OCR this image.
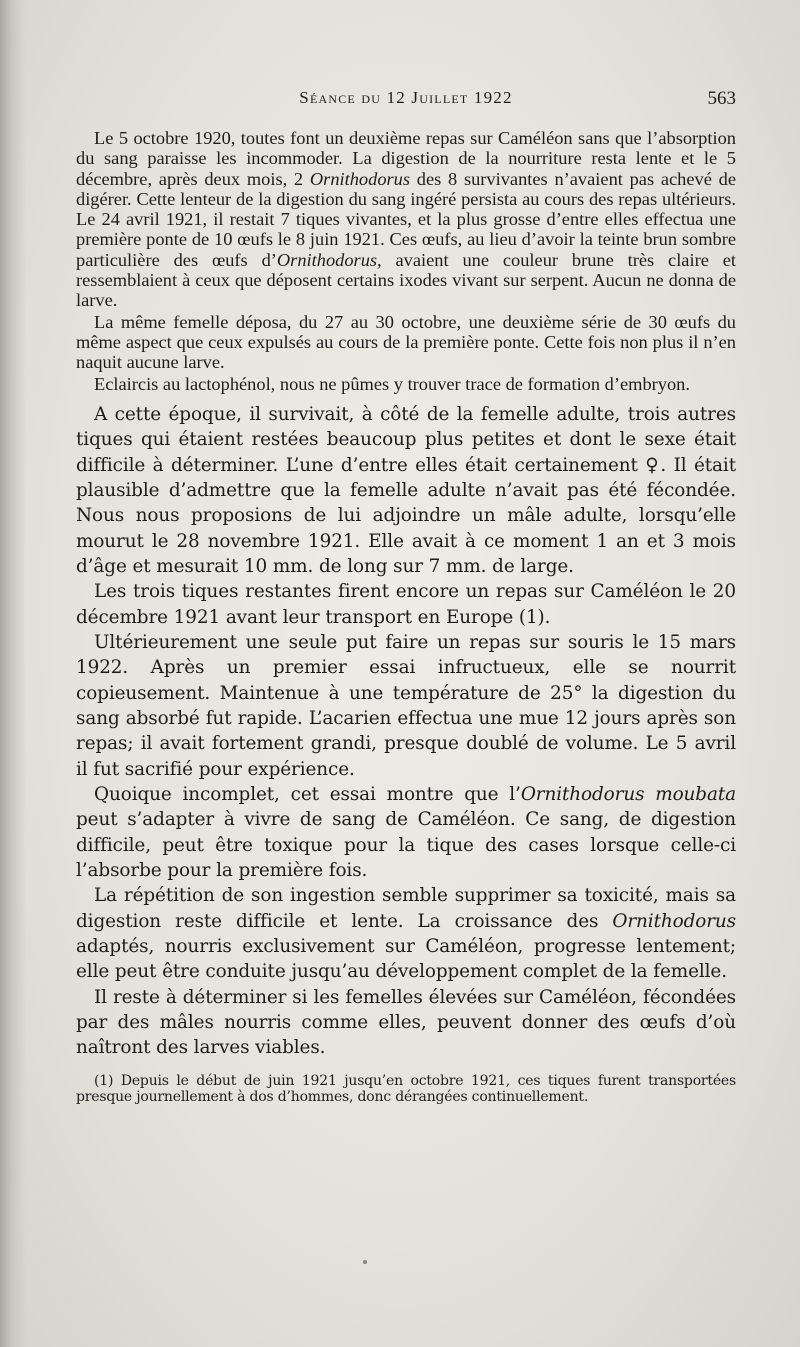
Séance du 12 Juillet 1922	563

Le 5 octobre 1920, toutes font un deuxième repas sur Caméléon sans que l’absorption du sang paraisse les incommoder. La digestion de la nourriture resta lente et le 5 décembre, après deux mois, 2 Ornithodorus des 8 survivantes n’avaient pas achevé de digérer. Cette lenteur de la digestion du sang ingéré persista au cours des repas ultérieurs. Le 24 avril 1921, il restait 7 tiques vivantes, et la plus grosse d’entre elles effectua une première ponte de 10 œufs le 8 juin 1921. Ces œufs, au lieu d’avoir la teinte brun sombre particulière des œufs d’Ornithodorus, avaient une couleur brune très claire et ressemblaient à ceux que déposent certains ixodes vivant sur serpent. Aucun ne donna de larve.

La même femelle déposa, du 27 au 30 octobre, une deuxième série de 30 œufs du même aspect que ceux expulsés au cours de la première ponte. Cette fois non plus il n’en naquit aucune larve.

Eclaircis au lactophénol, nous ne pûmes y trouver trace de formation d’embryon.

A cette époque, il survivait, à côté de la femelle adulte, trois autres tiques qui étaient restées beaucoup plus petites et dont le sexe était difficile à déterminer. L’une d’entre elles était certainement ♀. Il était plausible d’admettre que la femelle adulte n’avait pas été fécondée. Nous nous proposions de lui adjoindre un mâle adulte, lorsqu’elle mourut le 28 novembre 1921. Elle avait à ce moment 1 an et 3 mois d’âge et mesurait 10 mm. de long sur 7 mm. de large.

Les trois tiques restantes firent encore un repas sur Caméléon le 20 décembre 1921 avant leur transport en Europe (1).

Ultérieurement une seule put faire un repas sur souris le 15 mars 1922. Après un premier essai infructueux, elle se nourrit copieusement. Maintenue à une température de 25° la digestion du sang absorbé fut rapide. L’acarien effectua une mue 12 jours après son repas; il avait fortement grandi, presque doublé de volume. Le 5 avril il fut sacrifié pour expérience.

Quoique incomplet, cet essai montre que l’Ornithodorus moubata peut s’adapter à vivre de sang de Caméléon. Ce sang, de digestion difficile, peut être toxique pour la tique des cases lorsque celle-ci l’absorbe pour la première fois.

La répétition de son ingestion semble supprimer sa toxicité, mais sa digestion reste difficile et lente. La croissance des Ornithodorus adaptés, nourris exclusivement sur Caméléon, progresse lentement; elle peut être conduite jusqu’au développement complet de la femelle.

Il reste à déterminer si les femelles élevées sur Caméléon, fécondées par des mâles nourris comme elles, peuvent donner des œufs d’où naîtront des larves viables.

(1) Depuis le début de juin 1921 jusqu’en octobre 1921, ces tiques furent transportées presque journellement à dos d’hommes, donc dérangées continuellement.
